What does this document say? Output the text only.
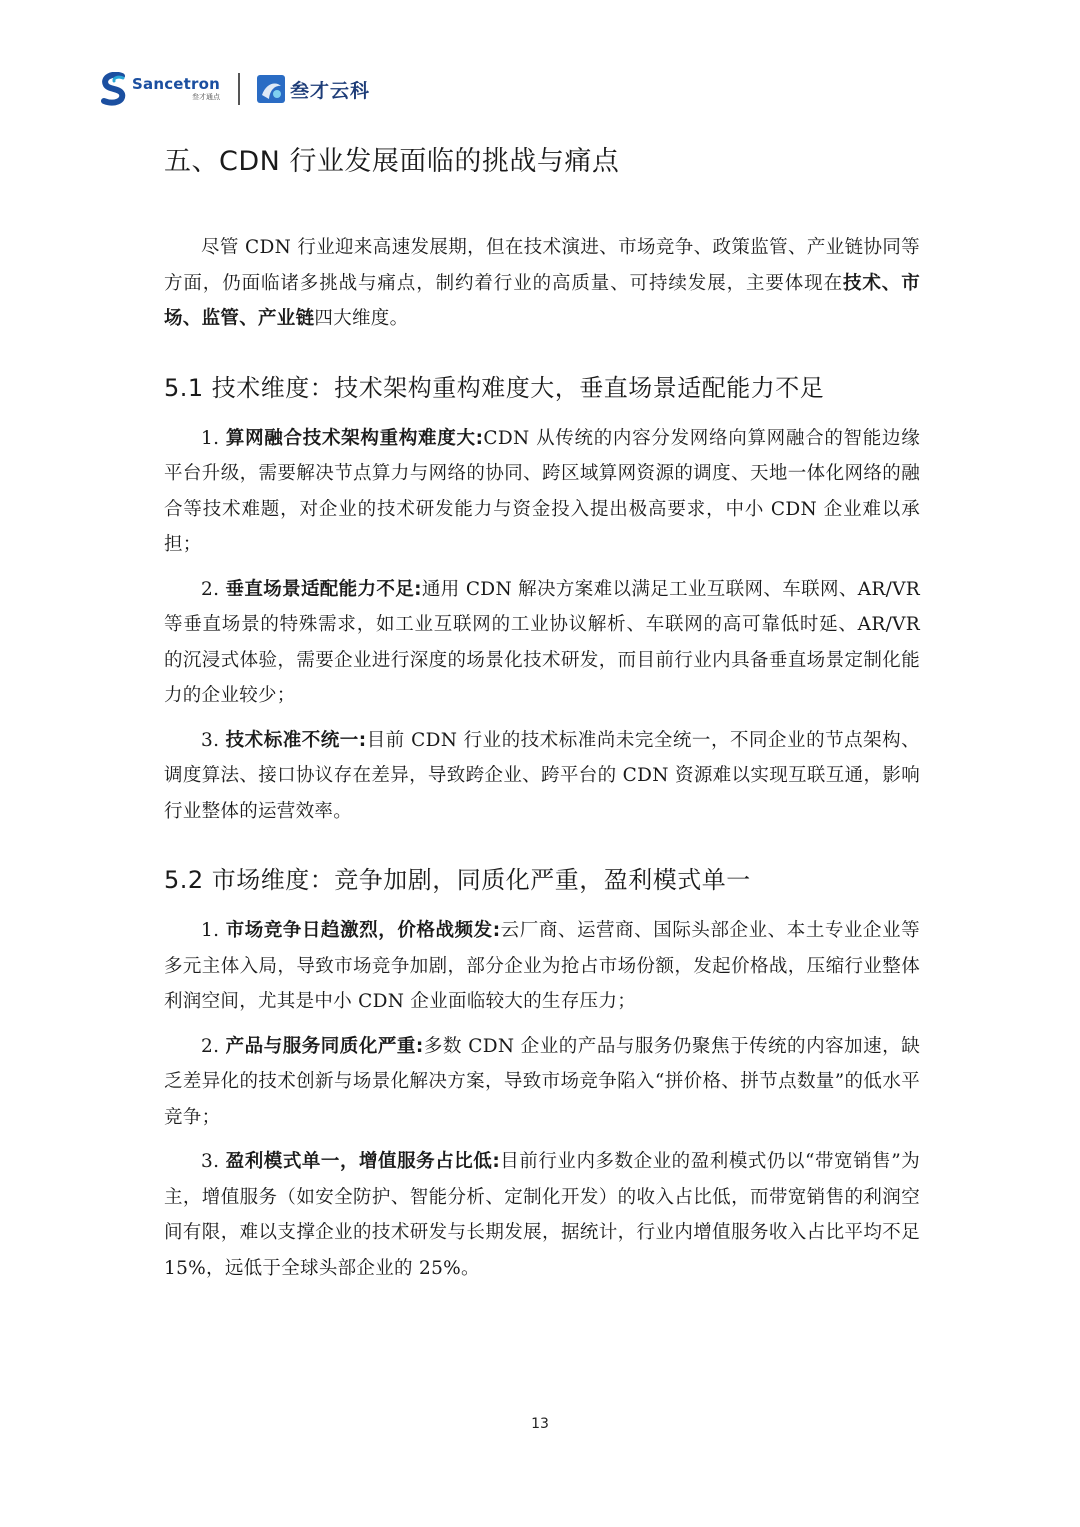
Sancetron
叁才通点	叁才云科
五、CDN 行业发展面临的挑战与痛点

尽管 CDN 行业迎来高速发展期，但在技术演进、市场竞争、政策监管、产业链协同等方面，仍面临诸多挑战与痛点，制约着行业的高质量、可持续发展，主要体现在技术、市场、监管、产业链四大维度。

5.1 技术维度：技术架构重构难度大，垂直场景适配能力不足

1. 算网融合技术架构重构难度大:CDN 从传统的内容分发网络向算网融合的智能边缘平台升级，需要解决节点算力与网络的协同、跨区域算网资源的调度、天地一体化网络的融合等技术难题，对企业的技术研发能力与资金投入提出极高要求，中小 CDN 企业难以承担；

2. 垂直场景适配能力不足:通用 CDN 解决方案难以满足工业互联网、车联网、AR/VR 等垂直场景的特殊需求，如工业互联网的工业协议解析、车联网的高可靠低时延、AR/VR 的沉浸式体验，需要企业进行深度的场景化技术研发，而目前行业内具备垂直场景定制化能力的企业较少；

3. 技术标准不统一:目前 CDN 行业的技术标准尚未完全统一，不同企业的节点架构、调度算法、接口协议存在差异，导致跨企业、跨平台的 CDN 资源难以实现互联互通，影响行业整体的运营效率。

5.2 市场维度：竞争加剧，同质化严重，盈利模式单一

1. 市场竞争日趋激烈，价格战频发:云厂商、运营商、国际头部企业、本土专业企业等多元主体入局，导致市场竞争加剧，部分企业为抢占市场份额，发起价格战，压缩行业整体利润空间，尤其是中小 CDN 企业面临较大的生存压力；

2. 产品与服务同质化严重:多数 CDN 企业的产品与服务仍聚焦于传统的内容加速，缺乏差异化的技术创新与场景化解决方案，导致市场竞争陷入“拼价格、拼节点数量”的低水平竞争；

3. 盈利模式单一，增值服务占比低:目前行业内多数企业的盈利模式仍以“带宽销售”为主，增值服务（如安全防护、智能分析、定制化开发）的收入占比低，而带宽销售的利润空间有限，难以支撑企业的技术研发与长期发展，据统计，行业内增值服务收入占比平均不足 15%，远低于全球头部企业的 25%。

13
